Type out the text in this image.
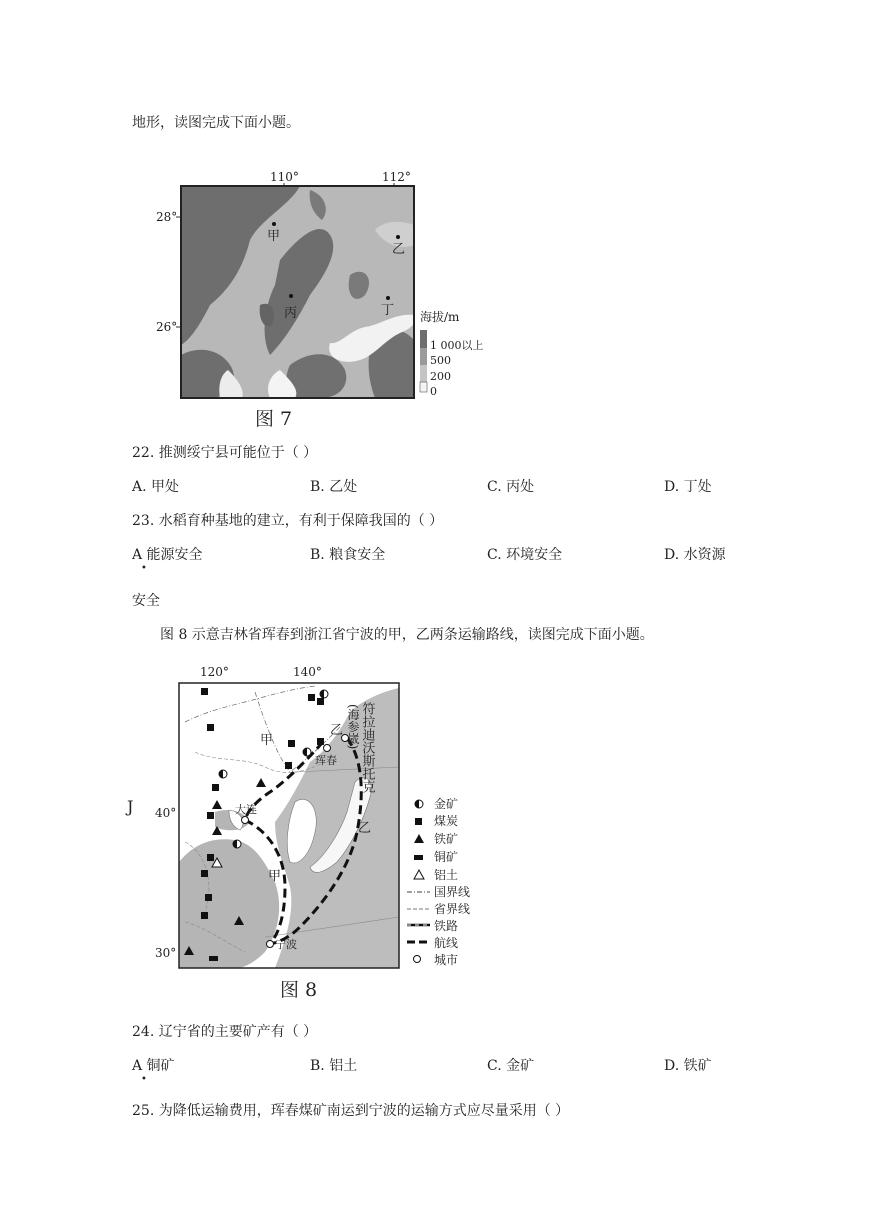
地形，读图完成下面小题。
110°	112°
28°
26°
甲
乙
丙	丁 海拔/m
1 000以上
500
200
0
图 7
22. 推测绥宁县可能位于（ ）
A. 甲处	B. 乙处	C. 丙处	D. 丁处
23. 水稻育种基地的建立，有利于保障我国的（ ）
A 能源安全
•
B. 粮食安全	C. 环境安全	D. 水资源
安全
图 8 示意吉林省珲春到浙江省宁波的甲，乙两条运输路线，读图完成下面小题。
J
120°	140°
40°
30°
大连
珲春
宁波
甲
乙
甲
乙
符拉迪沃斯托克
(海参崴)
金矿
煤炭
铁矿
铜矿
铝土
国界线
省界线
铁路
航线
城市
图 8
24. 辽宁省的主要矿产有（ ）
A 铜矿
•
B. 铝土	C. 金矿	D. 铁矿
25. 为降低运输费用，珲春煤矿南运到宁波的运输方式应尽量采用（ ）
